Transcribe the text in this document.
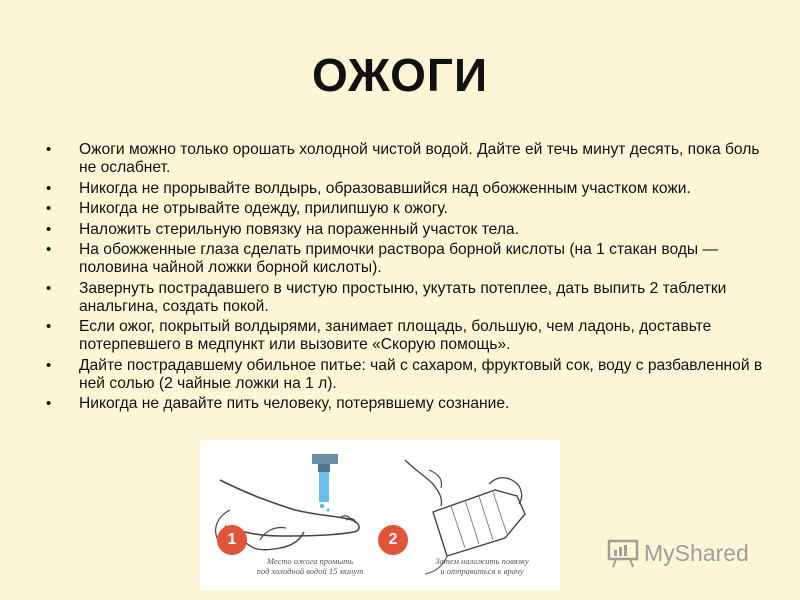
ОЖОГИ
• Ожоги можно только орошать холодной чистой водой. Дайте ей течь минут десять, пока боль не ослабнет.
• Никогда не прорывайте волдырь, образовавшийся над обожженным участком кожи.
• Никогда не отрывайте одежду, прилипшую к ожогу.
• Наложить стерильную повязку на пораженный участок тела.
• На обожженные глаза сделать примочки раствора борной кислоты (на 1 стакан воды — половина чайной ложки борной кислоты).
• Завернуть пострадавшего в чистую простыню, укутать потеплее, дать выпить 2 таблетки анальгина, создать покой.
• Если ожог, покрытый волдырями, занимает площадь, большую, чем ладонь, доставьте потерпевшего в медпункт или вызовите «Скорую помощь».
• Дайте пострадавшему обильное питье: чай с сахаром, фруктовый сок, воду с разбавленной в ней солью (2 чайные ложки на 1 л).
• Никогда не давайте пить человеку, потерявшему сознание.
1
Место ожога промыть
под холодной водой 15 минут
2
Затем наложить повязку
и отправиться к врачу
MyShared
